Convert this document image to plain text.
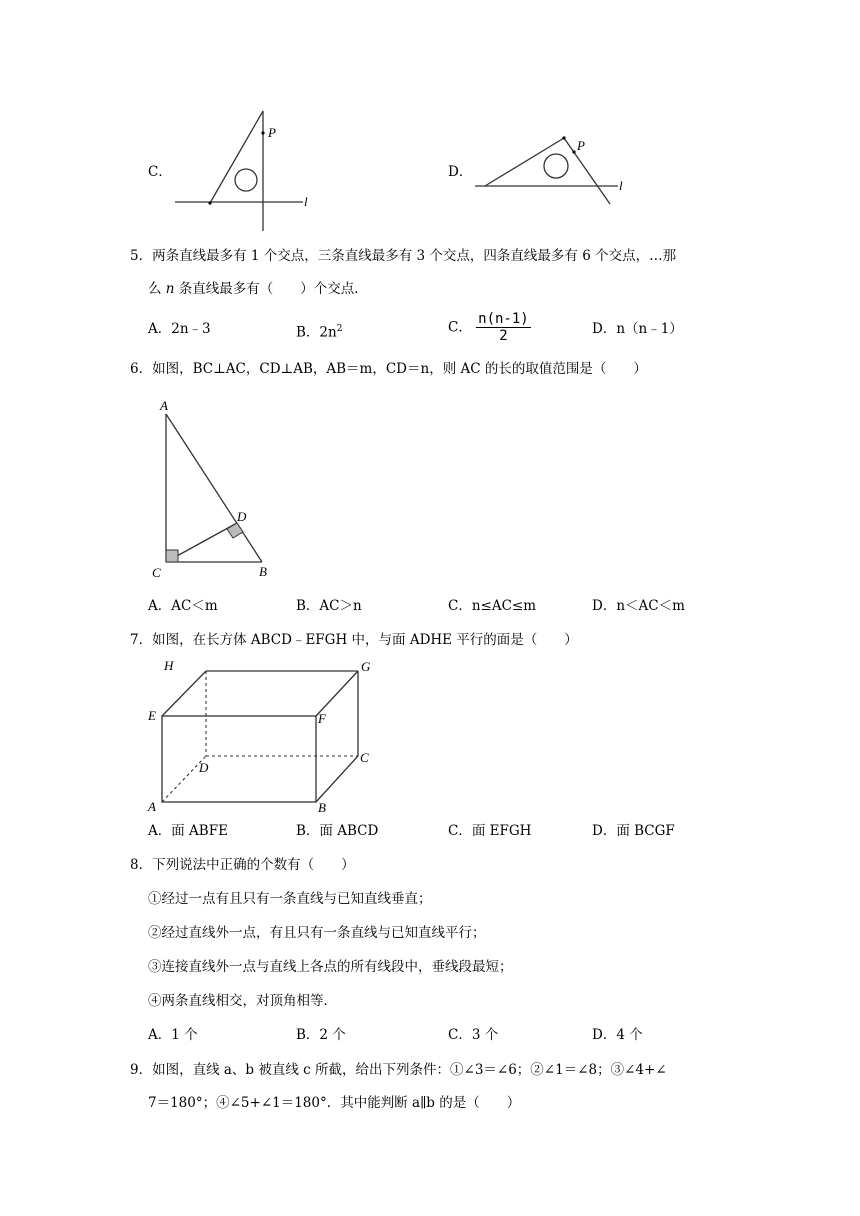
C．
P
l
D．
P
l
5．两条直线最多有 1 个交点，三条直线最多有 3 个交点，四条直线最多有 6 个交点，…那
么 n 条直线最多有（　　）个交点．
A．2n﹣3	B．$2n^2$	C． $\frac{n(n-1)}{2}$	D．n（n﹣1）
6．如图，BC⊥AC，CD⊥AB，AB＝m，CD＝n，则 AC 的长的取值范围是（　　）
A
C	B
D
A．AC＜m	B．AC＞n	C．n≤AC≤m	D．n＜AC＜m
7．如图，在长方体 ABCD﹣EFGH 中，与面 ADHE 平行的面是（　　）
H	G
E	F
C
D
A	B
A．面 ABFE	B．面 ABCD	C．面 EFGH	D．面 BCGF
8．下列说法中正确的个数有（　　）
①经过一点有且只有一条直线与已知直线垂直；
②经过直线外一点，有且只有一条直线与已知直线平行；
③连接直线外一点与直线上各点的所有线段中，垂线段最短；
④两条直线相交，对顶角相等．
A．1 个	B．2 个	C．3 个	D．4 个
9．如图，直线 a、b 被直线 c 所截，给出下列条件：①∠3＝∠6；②∠1＝∠8；③∠4+∠
7＝180°；④∠5+∠1＝180°．其中能判断 a∥b 的是（　　）
